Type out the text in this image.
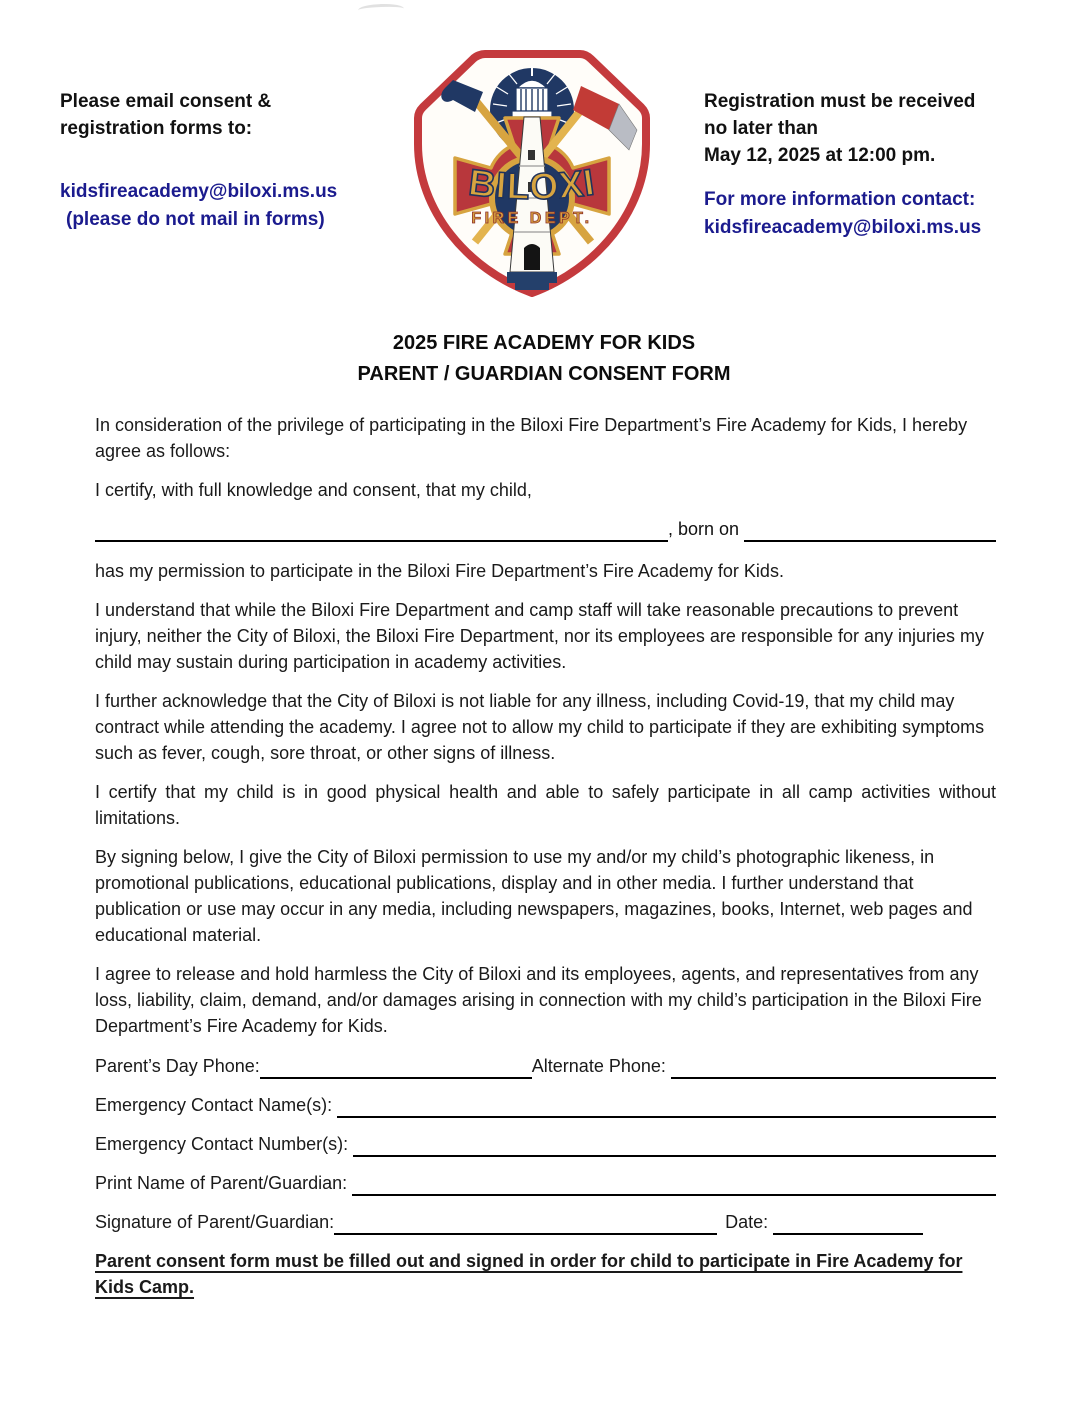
Please email consent &
registration forms to:
kidsfireacademy@biloxi.ms.us
(please do not mail in forms)
BILOXI
FIRE DEPT.
Registration must be received
no later than
May 12, 2025 at 12:00 pm.
For more information contact:
kidsfireacademy@biloxi.ms.us
2025 FIRE ACADEMY FOR KIDS
PARENT / GUARDIAN CONSENT FORM

In consideration of the privilege of participating in the Biloxi Fire Department’s Fire Academy for Kids, I hereby agree as follows:

I certify, with full knowledge and consent, that my child,

, born on

has my permission to participate in the Biloxi Fire Department’s Fire Academy for Kids.

I understand that while the Biloxi Fire Department and camp staff will take reasonable precautions to prevent injury, neither the City of Biloxi, the Biloxi Fire Department, nor its employees are responsible for any injuries my child may sustain during participation in academy activities.

I further acknowledge that the City of Biloxi is not liable for any illness, including Covid-19, that my child may contract while attending the academy. I agree not to allow my child to participate if they are exhibiting symptoms such as fever, cough, sore throat, or other signs of illness.

I certify that my child is in good physical health and able to safely participate in all camp activities without limitations.

By signing below, I give the City of Biloxi permission to use my and/or my child’s photographic likeness, in promotional publications, educational publications, display and in other media. I further understand that publication or use may occur in any media, including newspapers, magazines, books, Internet, web pages and educational material.

I agree to release and hold harmless the City of Biloxi and its employees, agents, and representatives from any loss, liability, claim, demand, and/or damages arising in connection with my child’s participation in the Biloxi Fire Department’s Fire Academy for Kids.

Parent’s Day Phone:	Alternate Phone:
Emergency Contact Name(s):
Emergency Contact Number(s):
Print Name of Parent/Guardian:
Signature of Parent/Guardian:	Date:

Parent consent form must be filled out and signed in order for child to participate in Fire Academy for Kids Camp.
